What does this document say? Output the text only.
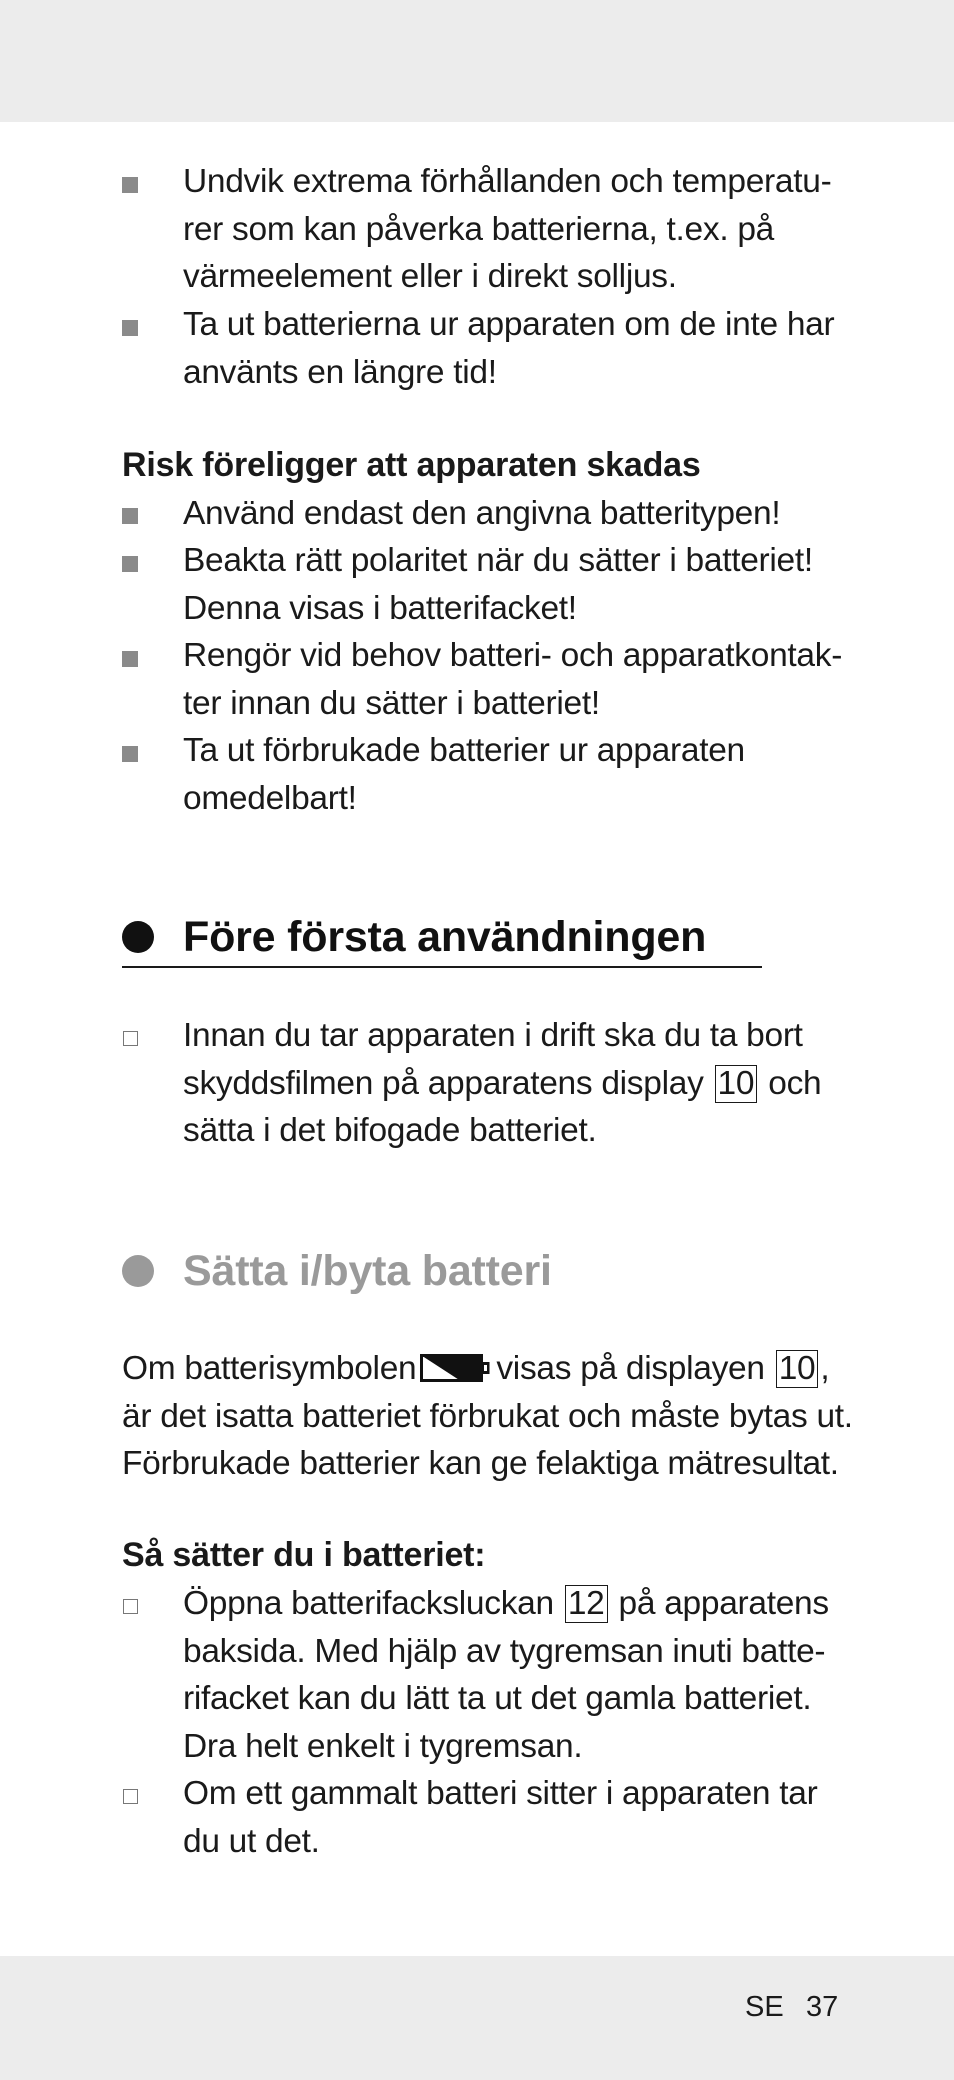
Undvik extrema förhållanden och temperatu-
rer som kan påverka batterierna, t.ex. på
värmeelement eller i direkt solljus.

Ta ut batterierna ur apparaten om de inte har
använts en längre tid!

Risk föreligger att apparaten skadas

Använd endast den angivna batteritypen!

Beakta rätt polaritet när du sätter i batteriet!
Denna visas i batterifacket!

Rengör vid behov batteri- och apparatkontak-
ter innan du sätter i batteriet!

Ta ut förbrukade batterier ur apparaten
omedelbart!

Före första användningen

Innan du tar apparaten i drift ska du ta bort
skyddsfilmen på apparatens display 10 och
sätta i det bifogade batteriet.

Sätta i/byta batteri

Om batterisymbolen visas på displayen 10 ,
är det isatta batteriet förbrukat och måste bytas ut.
Förbrukade batterier kan ge felaktiga mätresultat.

Så sätter du i batteriet:

Öppna batterifacksluckan 12 på apparatens
baksida. Med hjälp av tygremsan inuti batte-
rifacket kan du lätt ta ut det gamla batteriet.
Dra helt enkelt i tygremsan.

Om ett gammalt batteri sitter i apparaten tar
du ut det.

SE 37
